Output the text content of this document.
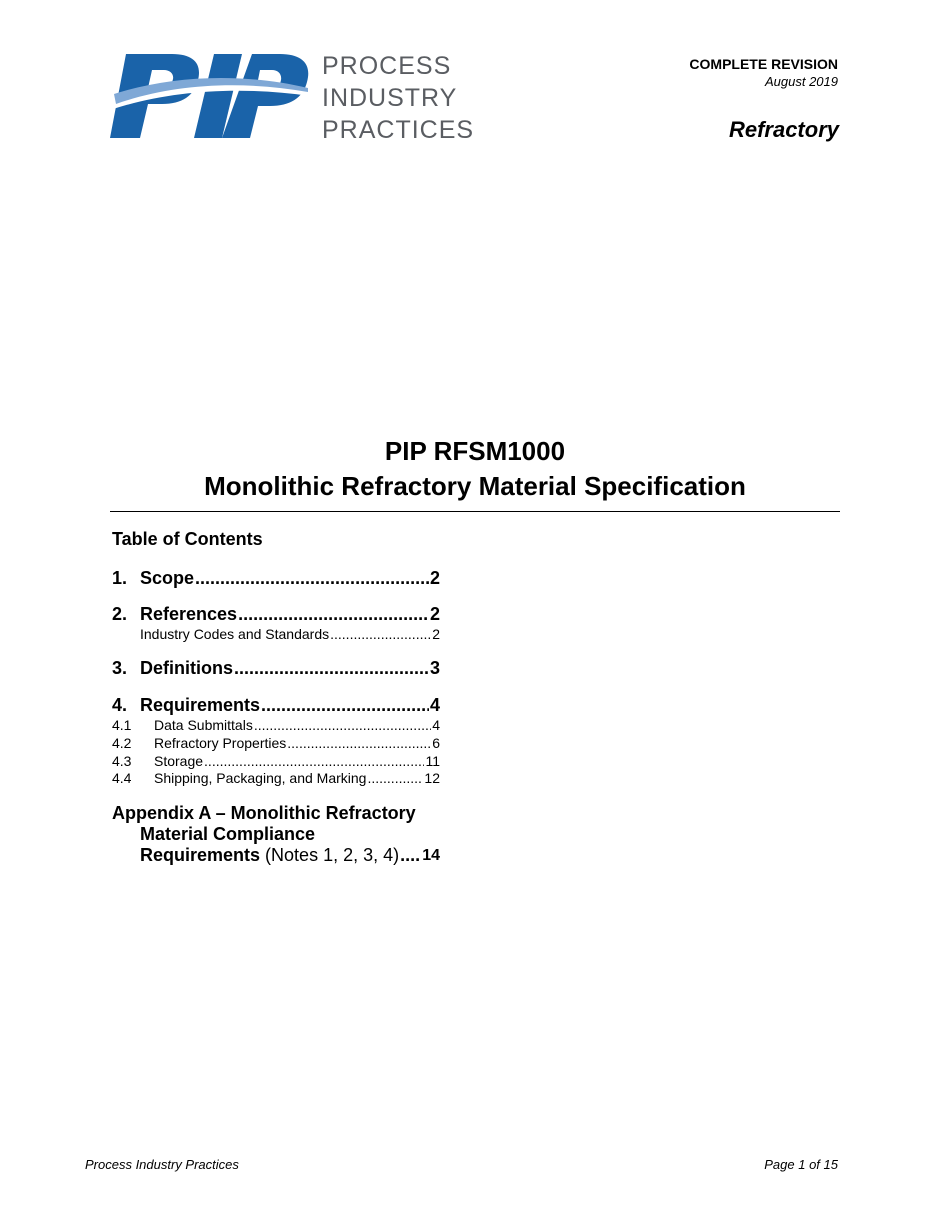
PROCESS
INDUSTRY
PRACTICES
COMPLETE REVISION
August 2019
Refractory
PIP RFSM1000
Monolithic Refractory Material Specification
Table of Contents
1. Scope .....	2
2. References .....	2
Industry Codes and Standards .....	2
3. Definitions .....	3
4. Requirements .....	4
4.1	Data Submittals .....	4
4.2	Refractory Properties .....	6
4.3	Storage .....	11
4.4	Shipping, Packaging, and Marking .....	12
Appendix A – Monolithic Refractory
Material Compliance
Requirements (Notes 1, 2, 3, 4) ..... 14
Process Industry Practices	Page 1 of 15
